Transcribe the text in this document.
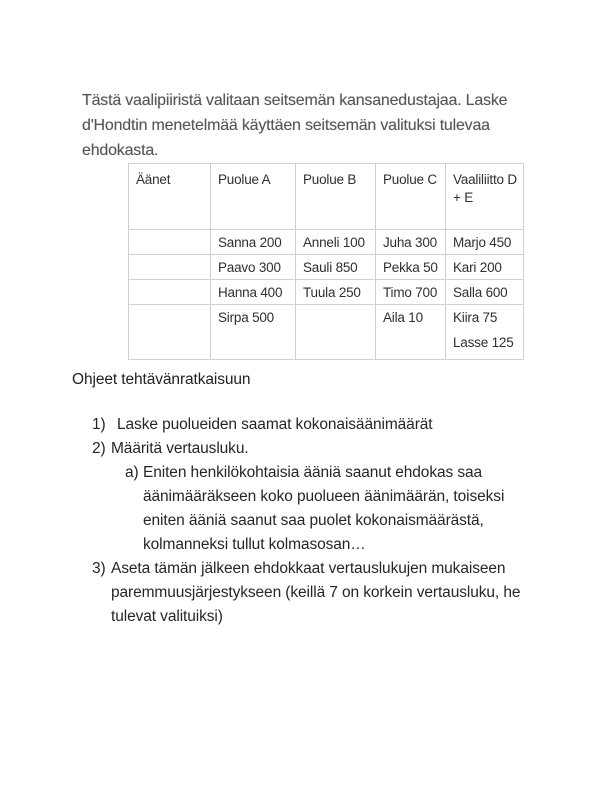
Tästä vaalipiiristä valitaan seitsemän kansanedustajaa. Laske
d'Hondtin menetelmää käyttäen seitsemän valituksi tulevaa
ehdokasta.
Äänet	Puolue A	Puolue B	Puolue C	Vaaliliitto D + E
	Sanna 200	Anneli 100	Juha 300	Marjo 450
	Paavo 300	Sauli 850	Pekka 50	Kari 200
	Hanna 400	Tuula 250	Timo 700	Salla 600
	Sirpa 500		Aila 10	Kiira 75
Lasse 125
Ohjeet tehtävänratkaisuun
1) Laske puolueiden saamat kokonaisäänimäärät
2) Määritä vertausluku.
a) Eniten henkilökohtaisia ääniä saanut ehdokas saa
äänimääräkseen koko puolueen äänimäärän, toiseksi
eniten ääniä saanut saa puolet kokonaismäärästä,
kolmanneksi tullut kolmasosan…
3) Aseta tämän jälkeen ehdokkaat vertauslukujen mukaiseen
paremmuusjärjestykseen (keillä 7 on korkein vertausluku, he
tulevat valituiksi)
